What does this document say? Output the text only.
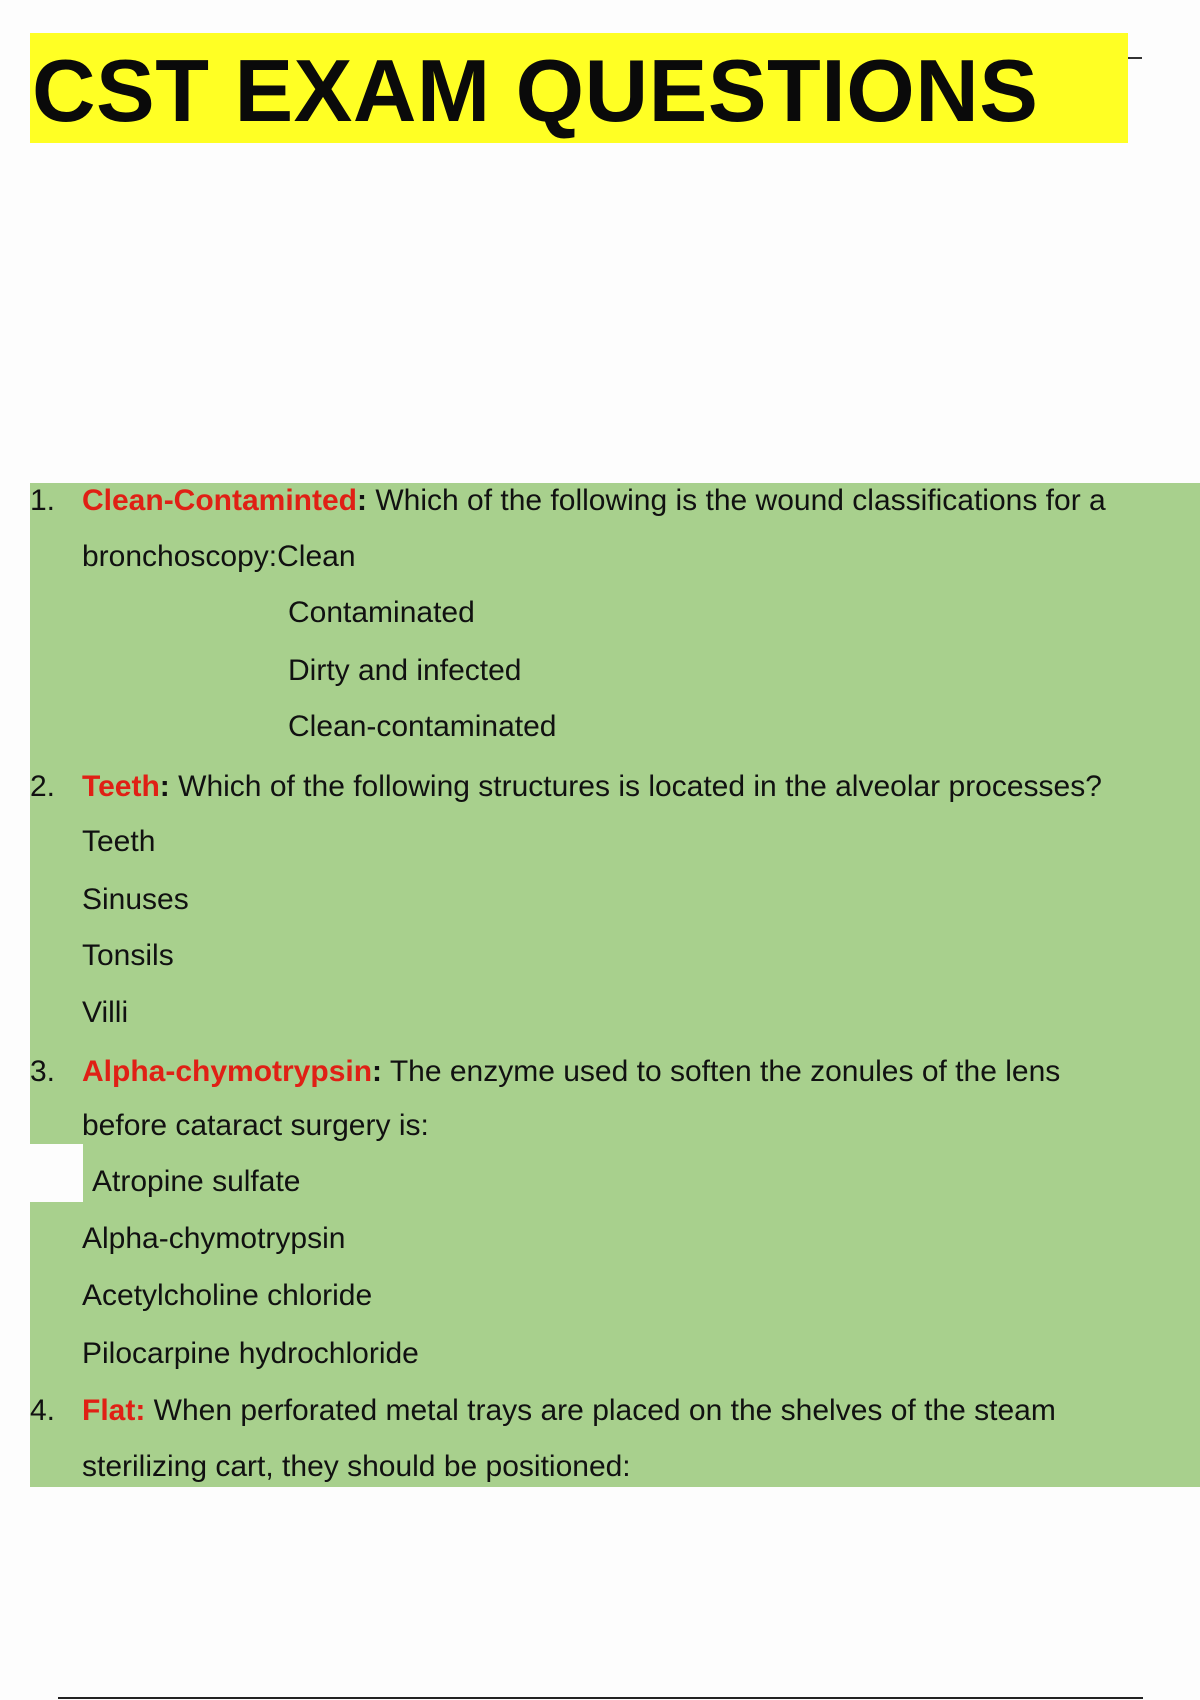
CST EXAM QUESTIONS
1. Clean-Contaminted: Which of the following is the wound classifications for a
bronchoscopy:Clean
Contaminated
Dirty and infected
Clean-contaminated
2. Teeth: Which of the following structures is located in the alveolar processes?
Teeth
Sinuses
Tonsils
Villi
3. Alpha-chymotrypsin: The enzyme used to soften the zonules of the lens
before cataract surgery is:
Atropine sulfate
Alpha-chymotrypsin
Acetylcholine chloride
Pilocarpine hydrochloride
4. Flat: When perforated metal trays are placed on the shelves of the steam
sterilizing cart, they should be positioned:
